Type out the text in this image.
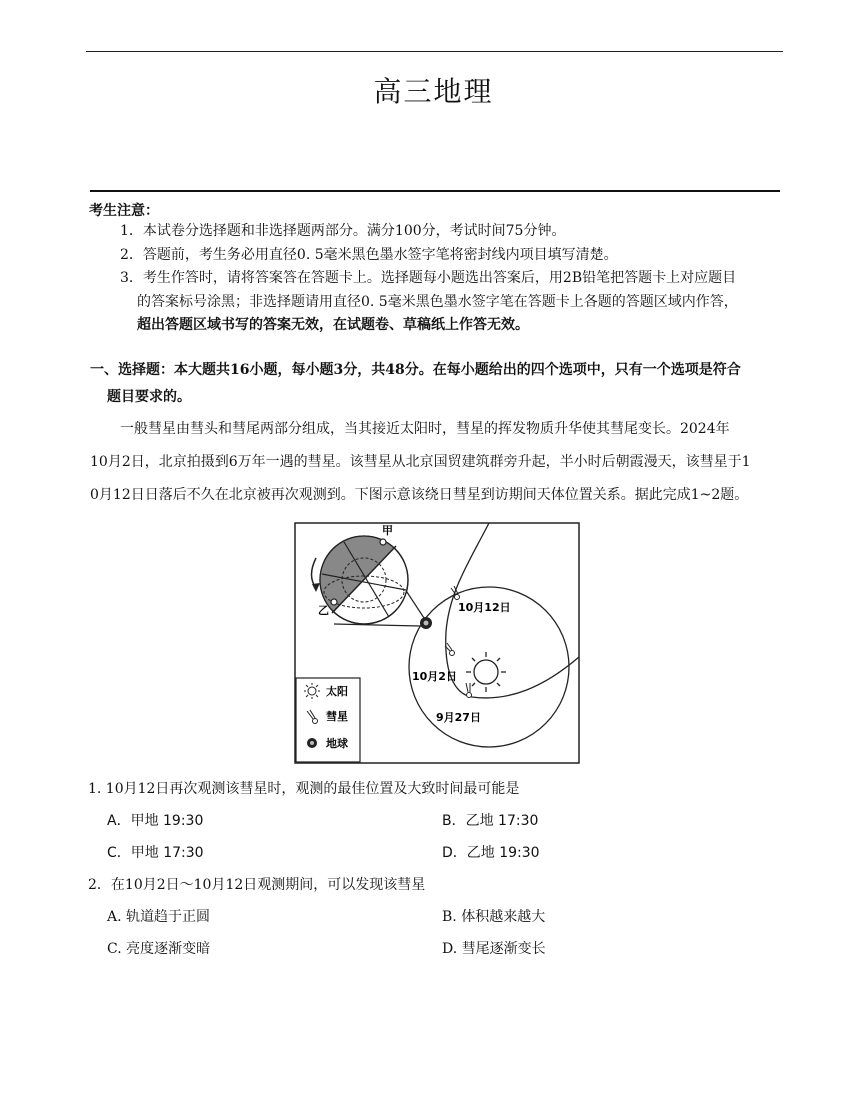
高三地理
考生注意：
1．本试卷分选择题和非选择题两部分。满分100分，考试时间75分钟。
2．答题前，考生务必用直径0. 5毫米黑色墨水签字笔将密封线内项目填写清楚。
3．考生作答时，请将答案答在答题卡上。选择题每小题选出答案后，用2B铅笔把答题卡上对应题目
的答案标号涂黑；非选择题请用直径0. 5毫米黑色墨水签字笔在答题卡上各题的答题区域内作答，
超出答题区域书写的答案无效，在试题卷、草稿纸上作答无效。
一、选择题：本大题共16小题，每小题3分，共48分。在每小题给出的四个选项中，只有一个选项是符合
题目要求的。
一般彗星由彗头和彗尾两部分组成，当其接近太阳时，彗星的挥发物质升华使其彗尾变长。2024年
10月2日，北京拍摄到6万年一遇的彗星。该彗星从北京国贸建筑群旁升起，半小时后朝霞漫天，该彗星于1
0月12日日落后不久在北京被再次观测到。下图示意该绕日彗星到访期间天体位置关系。据此完成1~2题。
甲
乙	10月12日
10月2日
9月27日
太阳
彗星
地球
1. 10月12日再次观测该彗星时，观测的最佳位置及大致时间最可能是
A．甲地 19:30	B．乙地 17:30
C．甲地 17:30	D．乙地 19:30
2．在10月2日～10月12日观测期间，可以发现该彗星
A. 轨道趋于正圆	B. 体积越来越大
C. 亮度逐渐变暗	D. 彗尾逐渐变长
